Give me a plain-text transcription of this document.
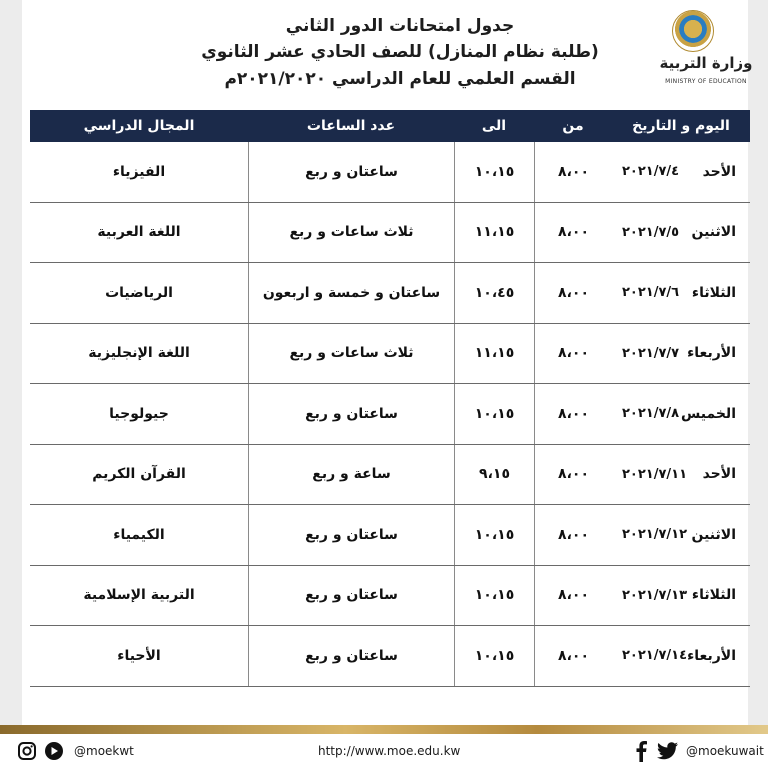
وزارة التربية
MINISTRY OF EDUCATION
جدول امتحانات الدور الثاني
(طلبة نظام المنازل) للصف الحادي عشر الثانوي
القسم العلمي للعام الدراسي ٢٠٢١/٢٠٢٠م
اليوم و التاريخ
من
الى
عدد الساعات
المجال الدراسي
الأحد
٢٠٢١/٧/٤
٨،٠٠
١٠،١٥
ساعتان و ربع
الفيزياء
الاثنين
٢٠٢١/٧/٥
٨،٠٠
١١،١٥
ثلاث ساعات و ربع
اللغة العربية
الثلاثاء
٢٠٢١/٧/٦
٨،٠٠
١٠،٤٥
ساعتان و خمسة و اربعون
الرياضيات
الأربعاء
٢٠٢١/٧/٧
٨،٠٠
١١،١٥
ثلاث ساعات و ربع
اللغة الإنجليزية
الخميس
٢٠٢١/٧/٨
٨،٠٠
١٠،١٥
ساعتان و ربع
جيولوجيا
الأحد
٢٠٢١/٧/١١
٨،٠٠
٩،١٥
ساعة و ربع
القرآن الكريم
الاثنين
٢٠٢١/٧/١٢
٨،٠٠
١٠،١٥
ساعتان و ربع
الكيمياء
الثلاثاء
٢٠٢١/٧/١٣
٨،٠٠
١٠،١٥
ساعتان و ربع
التربية الإسلامية
الأربعاء
٢٠٢١/٧/١٤
٨،٠٠
١٠،١٥
ساعتان و ربع
الأحياء
@moekwt	http://www.moe.edu.kw	@moekuwait
